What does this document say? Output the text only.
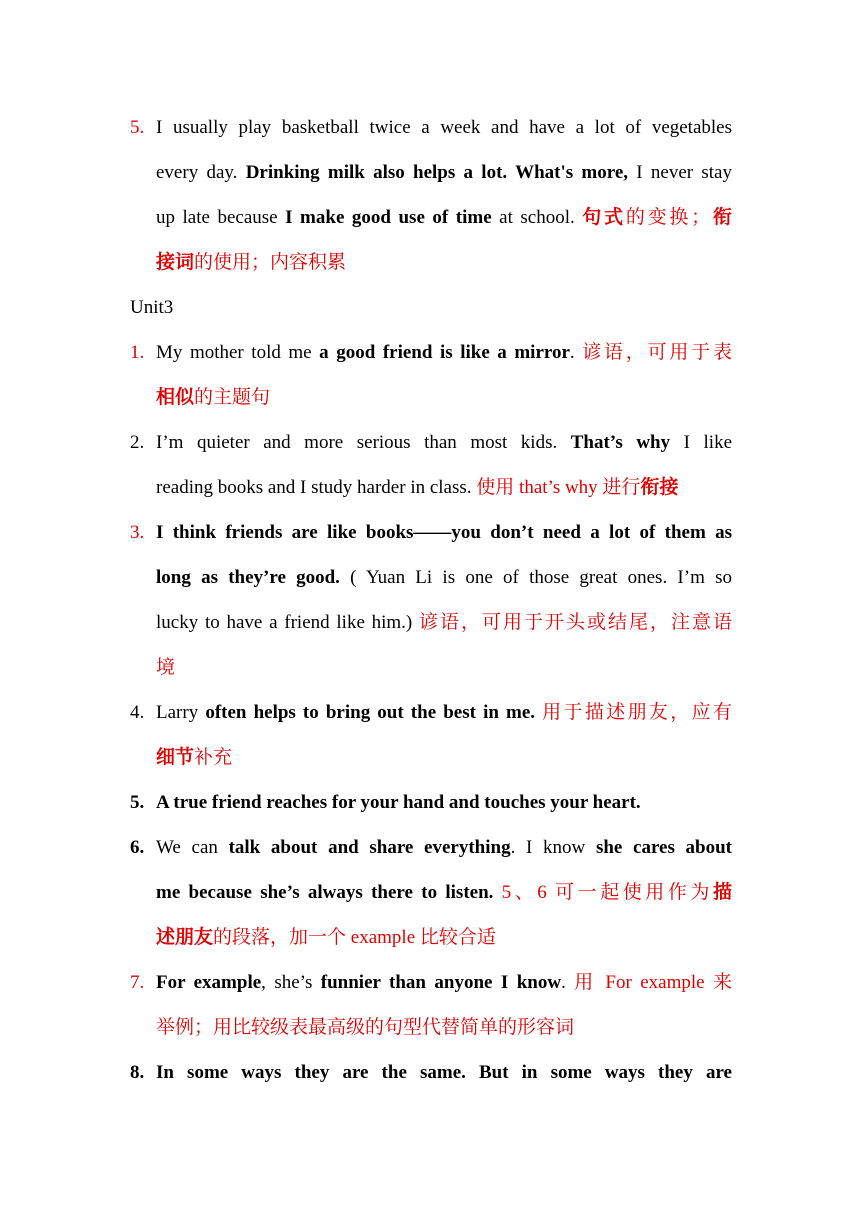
5. I usually play basketball twice a week and have a lot of vegetables
every day. Drinking milk also helps a lot. What's more, I never stay
up late because I make good use of time at school. 句式的变换；衔
接词的使用；内容积累
Unit3
1. My mother told me a good friend is like a mirror. 谚语，可用于表
相似的主题句
2. I’m quieter and more serious than most kids. That’s why I like
reading books and I study harder in class. 使用 that’s why 进行衔接
3. I think friends are like books——you don’t need a lot of them as
long as they’re good. ( Yuan Li is one of those great ones. I’m so
lucky to have a friend like him.) 谚语，可用于开头或结尾，注意语
境
4. Larry often helps to bring out the best in me. 用于描述朋友，应有
细节补充
5. A true friend reaches for your hand and touches your heart.
6. We can talk about and share everything. I know she cares about
me because she’s always there to listen. 5、6 可一起使用作为描
述朋友的段落，加一个 example 比较合适
7. For example, she’s funnier than anyone I know. 用 For example 来
举例；用比较级表最高级的句型代替简单的形容词
8. In some ways they are the same. But in some ways they are
